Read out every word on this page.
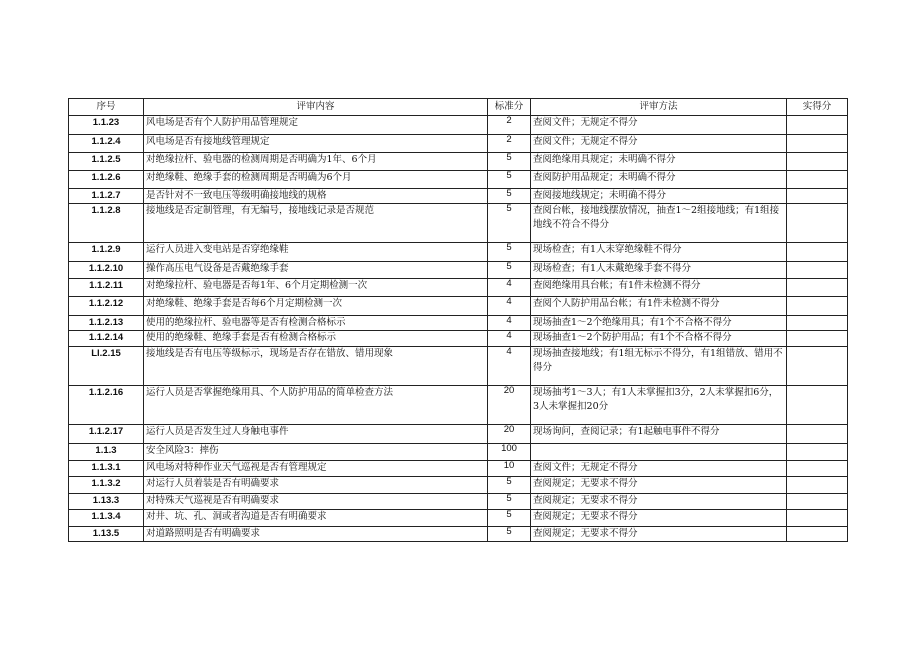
序号	评审内容	标准分	评审方法	实得分
1.1.23	风电场是否有个人防护用品管理规定	2	查阅文件；无规定不得分	
1.1.2.4	风电场是否有接地线管理规定	2	查阅文件；无规定不得分	
1.1.2.5	对绝缘拉杆、验电器的检测周期是否明确为1年、6个月	5	查阅绝缘用具规定；未明确不得分	
1.1.2.6	对绝缘鞋、绝缘手套的检测周期是否明确为6个月	5	查阅防护用品规定；未明确不得分	
1.1.2.7	是否针对不一致电压等级明确接地线的规格	5	查阅接地线规定；未明确不得分	
1.1.2.8	接地线是否定制管理，有无编号，接地线记录是否规范	5	查阅台帐，接地线摆放情况，抽查1～2组接地线；有1组接地线不符合不得分	
1.1.2.9	运行人员进入变电站是否穿绝缘鞋	5	现场检查；有1人未穿绝缘鞋不得分	
1.1.2.10	操作高压电气设备是否戴绝缘手套	5	现场检查；有1人未戴绝缘手套不得分	
1.1.2.11	对绝缘拉杆、验电器是否每1年、6个月定期检测一次	4	查阅绝缘用具台帐；有1件未检测不得分	
1.1.2.12	对绝缘鞋、绝缘手套是否每6个月定期检测一次	4	查阅个人防护用品台帐；有1件未检测不得分	
1.1.2.13	使用的绝缘拉杆、验电器等是否有检测合格标示	4	现场抽查1～2个绝缘用具；有1个不合格不得分	
1.1.2.14	使用的绝缘鞋、绝缘手套是否有检测合格标示	4	现场抽查1～2个防护用品；有1个不合格不得分	
Ll.2.15	接地线是否有电压等级标示，现场是否存在错放、错用现象	4	现场抽查接地线；有1组无标示不得分，有1组错放、错用不得分	
1.1.2.16	运行人员是否掌握绝缘用具、个人防护用品的简单检查方法	20	现场抽考1～3人；有1人未掌握扣3分，2人未掌握扣6分，3人未掌握扣20分	
1.1.2.17	运行人员是否发生过人身触电事件	20	现场询问，查阅记录；有1起触电事件不得分	
1.1.3	安全风险3：摔伤	100		
1.1.3.1	风电场对特种作业天气巡视是否有管理规定	10	查阅文件；无规定不得分	
1.1.3.2	对运行人员着装是否有明确要求	5	查阅规定；无要求不得分	
1.13.3	对特殊天气巡视是否有明确要求	5	查阅规定；无要求不得分	
1.1.3.4	对井、坑、孔、洞或者沟道是否有明确要求	5	查阅规定；无要求不得分	
1.13.5	对道路照明是否有明确要求	5	查阅规定；无要求不得分	
